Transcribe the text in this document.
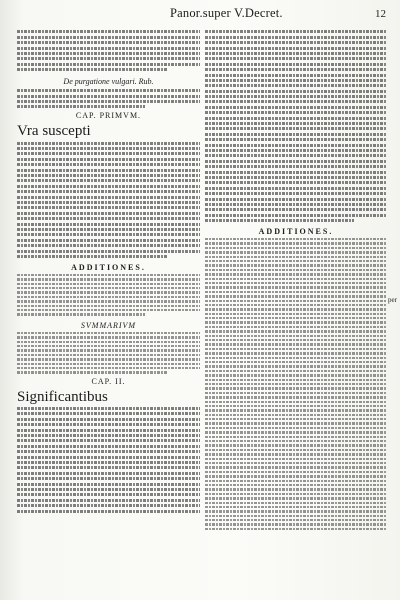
Panor.super V.Decret.	12
De purgatione vulgari. Rub.
CAP. PRIMVM.
Vra suscepti
ADDITIONES.
SVMMARIVM
CAP. II.
Significantibus
ADDITIONES.
per
